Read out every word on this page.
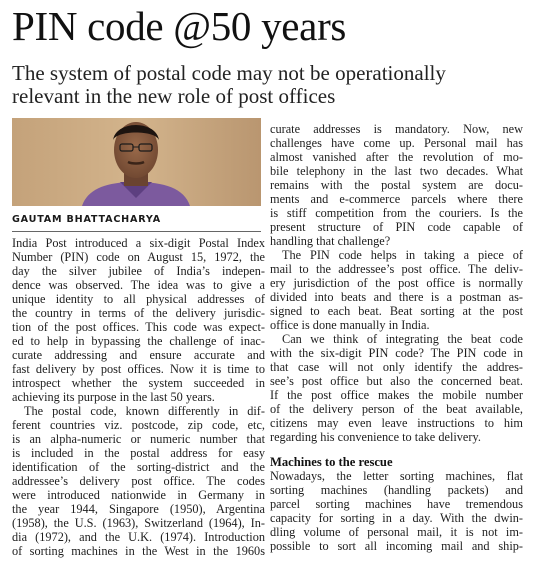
PIN code @50 years
The system of postal code may not be operationally
relevant in the new role of post offices
GAUTAM BHATTACHARYA
India Post introduced a six-digit Postal Index
Number (PIN) code on August 15, 1972, the
day the silver jubilee of India’s indepen-
dence was observed. The idea was to give a
unique identity to all physical addresses of
the country in terms of the delivery jurisdic-
tion of the post offices. This code was expect-
ed to help in bypassing the challenge of inac-
curate addressing and ensure accurate and
fast delivery by post offices. Now it is time to
introspect whether the system succeeded in
achieving its purpose in the last 50 years.
The postal code, known differently in dif-
ferent countries viz. postcode, zip code, etc,
is an alpha-numeric or numeric number that
is included in the postal address for easy
identification of the sorting-district and the
addressee’s delivery post office. The codes
were introduced nationwide in Germany in
the year 1944, Singapore (1950), Argentina
(1958), the U.S. (1963), Switzerland (1964), In-
dia (1972), and the U.K. (1974). Introduction
of sorting machines in the West in the 1960s
curate addresses is mandatory. Now, new
challenges have come up. Personal mail has
almost vanished after the revolution of mo-
bile telephony in the last two decades. What
remains with the postal system are docu-
ments and e-commerce parcels where there
is stiff competition from the couriers. Is the
present structure of PIN code capable of
handling that challenge?
The PIN code helps in taking a piece of
mail to the addressee’s post office. The deliv-
ery jurisdiction of the post office is normally
divided into beats and there is a postman as-
signed to each beat. Beat sorting at the post
office is done manually in India.
Can we think of integrating the beat code
with the six-digit PIN code? The PIN code in
that case will not only identify the addres-
see’s post office but also the concerned beat.
If the post office makes the mobile number
of the delivery person of the beat available,
citizens may even leave instructions to him
regarding his convenience to take delivery.
Machines to the rescue
Nowadays, the letter sorting machines, flat
sorting machines (handling packets) and
parcel sorting machines have tremendous
capacity for sorting in a day. With the dwin-
dling volume of personal mail, it is not im-
possible to sort all incoming mail and ship-
